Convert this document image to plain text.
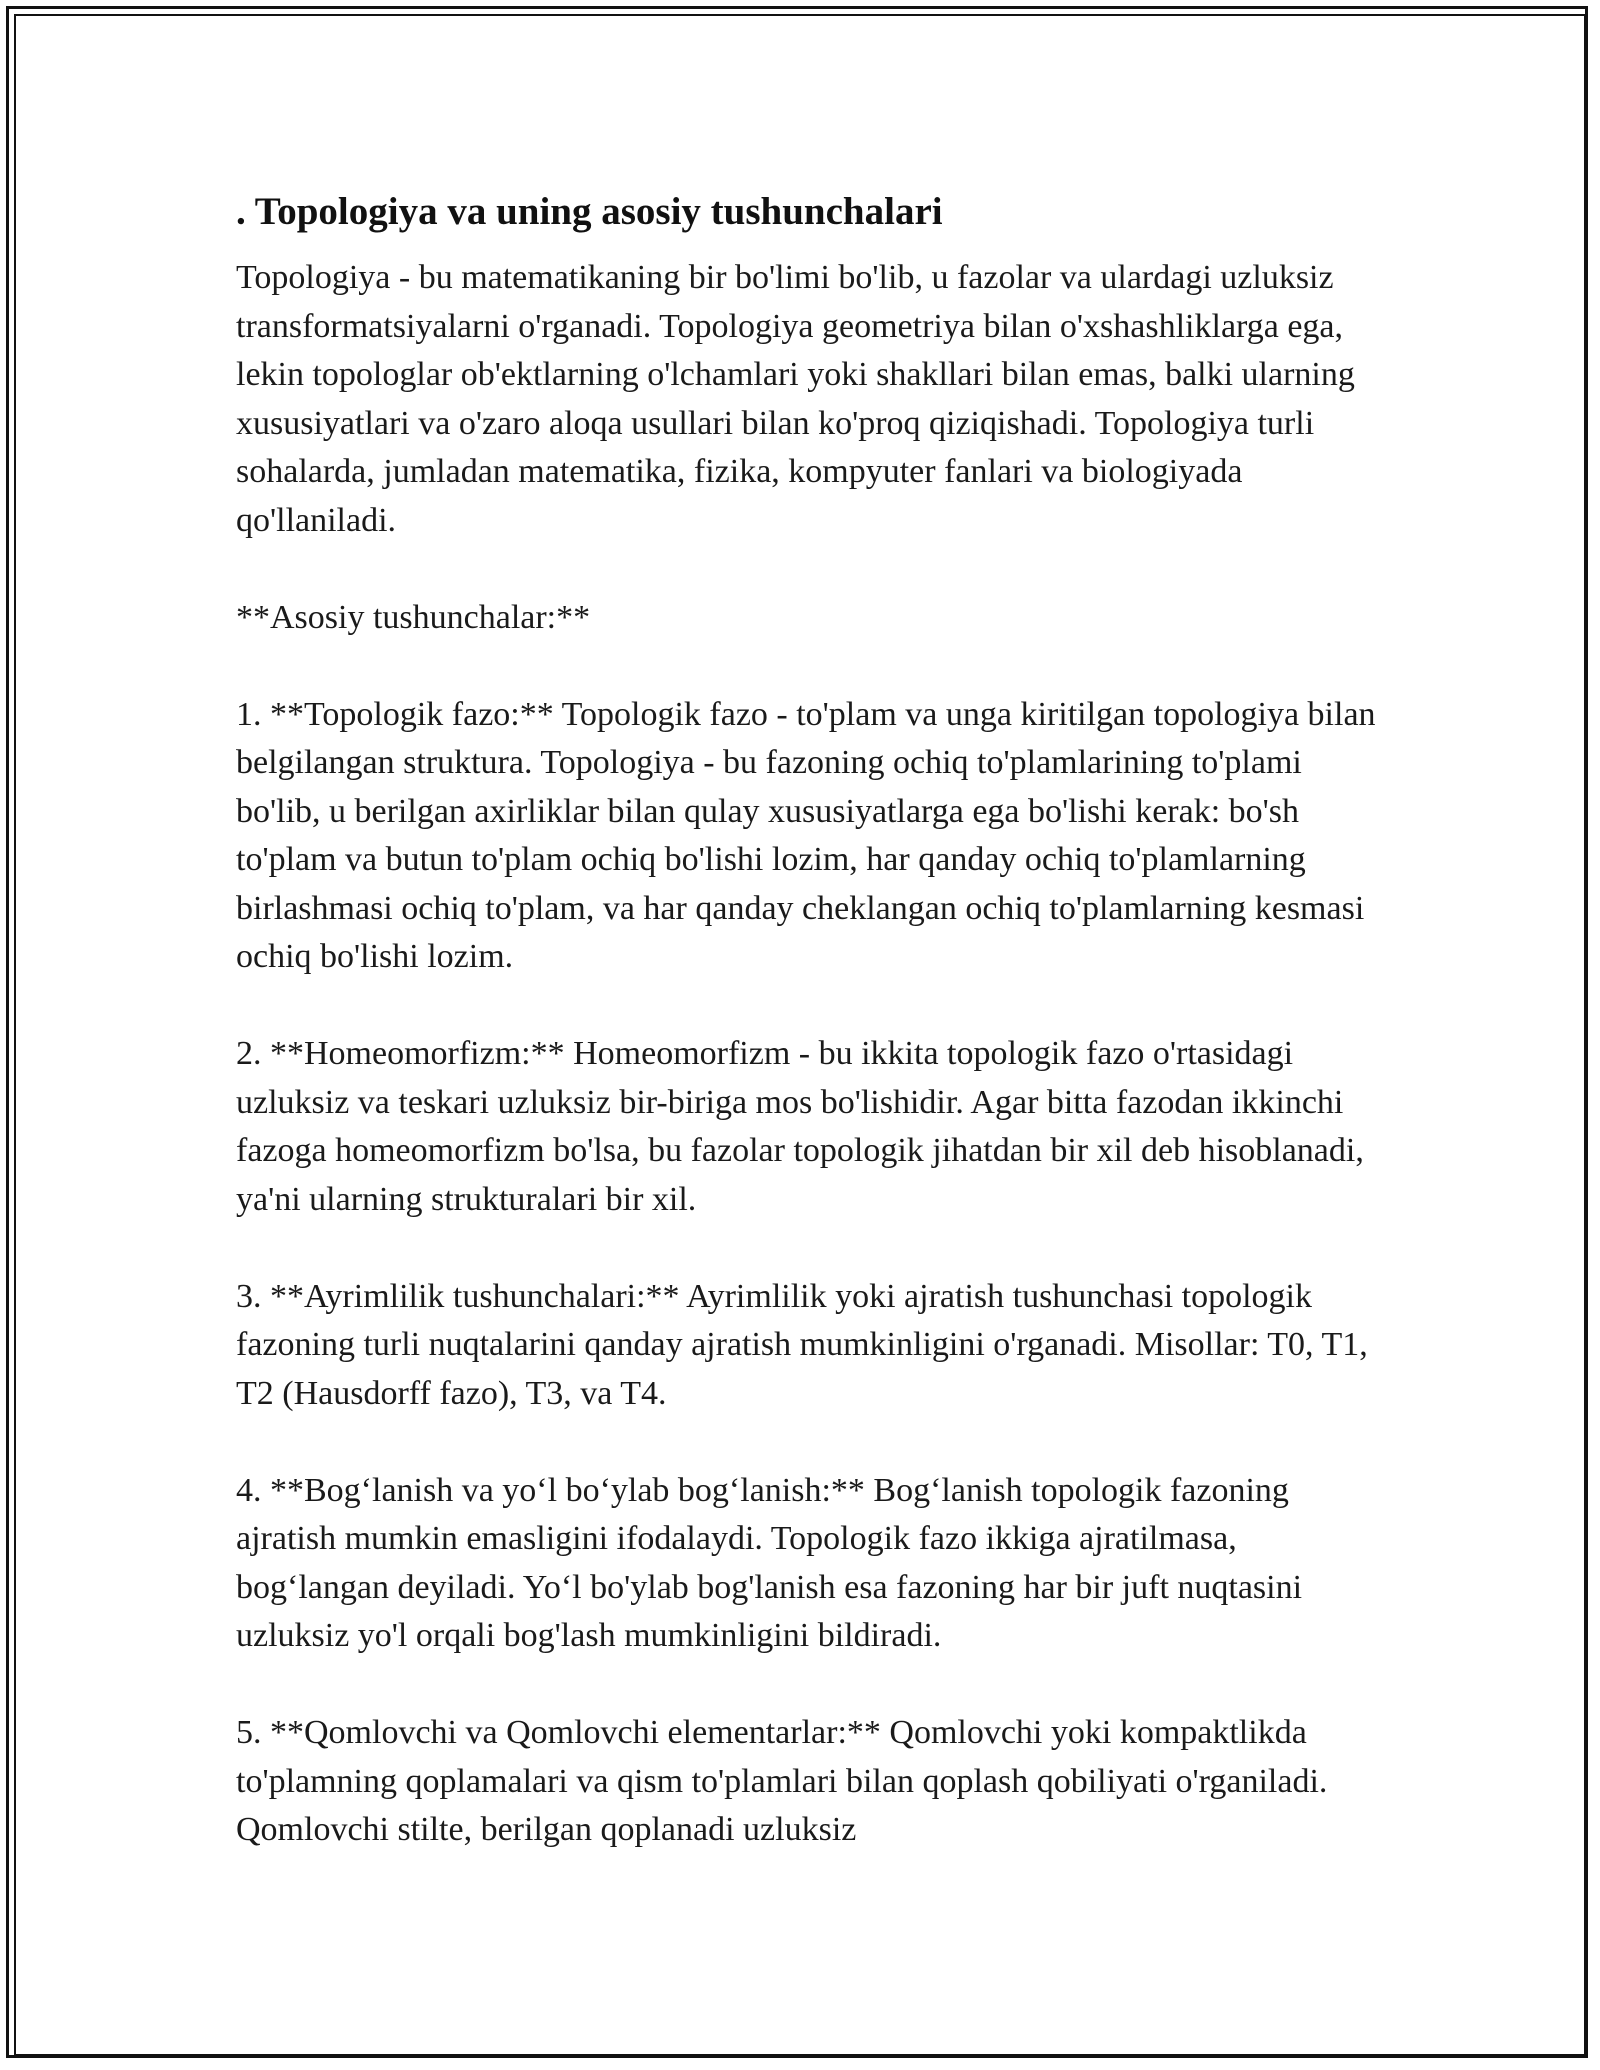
. Topologiya va uning asosiy tushunchalari

Topologiya - bu matematikaning bir bo'limi bo'lib, u fazolar va ulardagi uzluksiz transformatsiyalarni o'rganadi. Topologiya geometriya bilan o'xshashliklarga ega, lekin topologlar ob'ektlarning o'lchamlari yoki shakllari bilan emas, balki ularning xususiyatlari va o'zaro aloqa usullari bilan ko'proq qiziqishadi. Topologiya turli sohalarda, jumladan matematika, fizika, kompyuter fanlari va biologiyada qo'llaniladi.

**Asosiy tushunchalar:**

1. **Topologik fazo:** Topologik fazo - to'plam va unga kiritilgan topologiya bilan belgilangan struktura. Topologiya - bu fazoning ochiq to'plamlarining to'plami bo'lib, u berilgan axirliklar bilan qulay xususiyatlarga ega bo'lishi kerak: bo'sh to'plam va butun to'plam ochiq bo'lishi lozim, har qanday ochiq to'plamlarning birlashmasi ochiq to'plam, va har qanday cheklangan ochiq to'plamlarning kesmasi ochiq bo'lishi lozim.

2. **Homeomorfizm:** Homeomorfizm - bu ikkita topologik fazo o'rtasidagi uzluksiz va teskari uzluksiz bir-biriga mos bo'lishidir. Agar bitta fazodan ikkinchi fazoga homeomorfizm bo'lsa, bu fazolar topologik jihatdan bir xil deb hisoblanadi, ya'ni ularning strukturalari bir xil.

3. **Ayrimlilik tushunchalari:** Ayrimlilik yoki ajratish tushunchasi topologik fazoning turli nuqtalarini qanday ajratish mumkinligini o'rganadi. Misollar: T0, T1, T2 (Hausdorff fazo), T3, va T4.

4. **Bog‘lanish va yo‘l bo‘ylab bog‘lanish:** Bog‘lanish topologik fazoning ajratish mumkin emasligini ifodalaydi. Topologik fazo ikkiga ajratilmasa, bog‘langan deyiladi. Yo‘l bo'ylab bog'lanish esa fazoning har bir juft nuqtasini uzluksiz yo'l orqali bog'lash mumkinligini bildiradi.

5. **Qomlovchi va Qomlovchi elementarlar:** Qomlovchi yoki kompaktlikda to'plamning qoplamalari va qism to'plamlari bilan qoplash qobiliyati o'rganiladi. Qomlovchi stilte, berilgan qoplanadi uzluksiz
